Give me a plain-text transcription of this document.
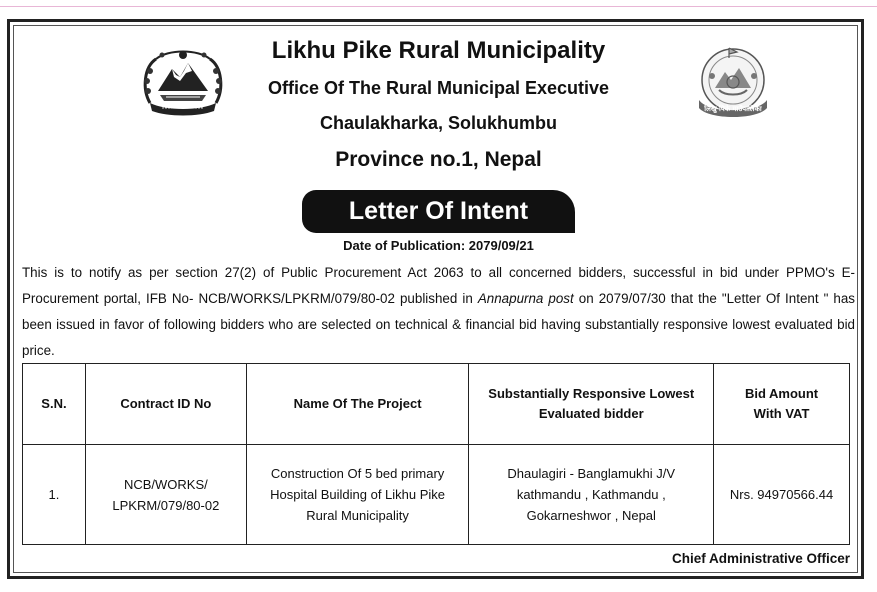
लिखु पिके गाउँपालिका
Likhu Pike Rural Municipality
Office Of The Rural Municipal Executive
Chaulakharka, Solukhumbu
Province no.1, Nepal
Letter Of Intent
Date of Publication: 2079/09/21
This is to notify as per section 27(2) of Public Procurement Act 2063 to all concerned bidders, successful in bid under PPMO's E- Procurement portal, IFB No- NCB/WORKS/LPKRM/079/80-02 published in Annapurna post on 2079/07/30 that the "Letter Of Intent " has been issued in favor of following bidders who are selected on technical & financial bid having substantially responsive lowest evaluated bid price.
S.N.	Contract ID No	Name Of The Project	Substantially Responsive Lowest Evaluated bidder	Bid Amount With VAT
1.	NCB/WORKS/ LPKRM/079/80-02	Construction Of 5 bed primary Hospital Building of Likhu Pike Rural Municipality	Dhaulagiri - Banglamukhi J/V kathmandu , Kathmandu , Gokarneshwor , Nepal	Nrs. 94970566.44
Chief Administrative Officer
